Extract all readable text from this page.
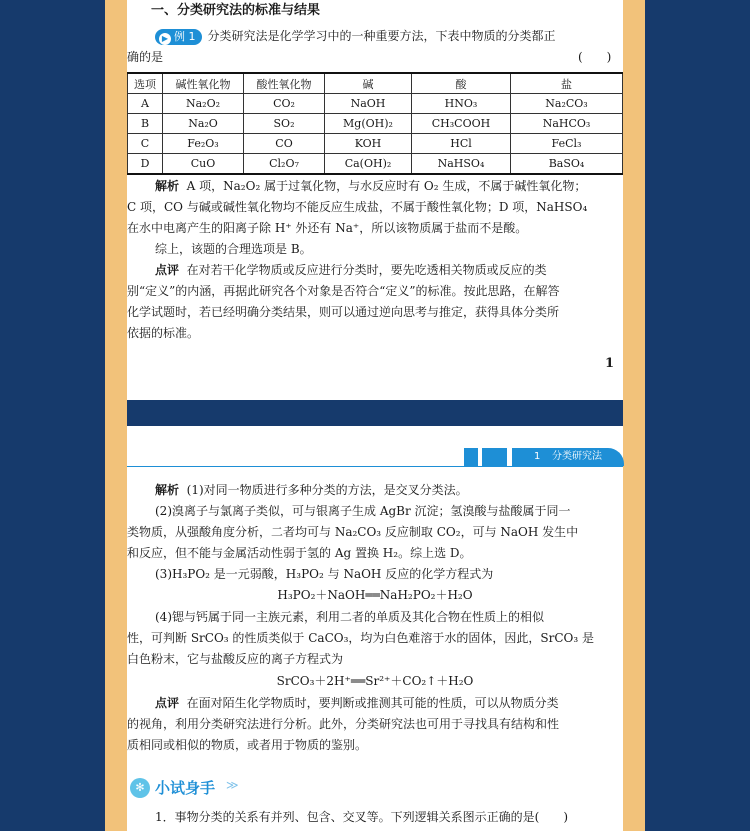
一、分类研究法的标准与结果
▶ 例 1 分类研究法是化学学习中的一种重要方法，下表中物质的分类都正
确的是	(　　)
选项	碱性氧化物	酸性氧化物	碱	酸	盐
A	Na₂O₂	CO₂	NaOH	HNO₃	Na₂CO₃
B	Na₂O	SO₂	Mg(OH)₂	CH₃COOH	NaHCO₃
C	Fe₂O₃	CO	KOH	HCl	FeCl₃
D	CuO	Cl₂O₇	Ca(OH)₂	NaHSO₄	BaSO₄
解析 A 项，Na₂O₂ 属于过氧化物，与水反应时有 O₂ 生成，不属于碱性氧化物；
C 项，CO 与碱或碱性氧化物均不能反应生成盐，不属于酸性氧化物；D 项，NaHSO₄
在水中电离产生的阳离子除 H⁺ 外还有 Na⁺，所以该物质属于盐而不是酸。
综上，该题的合理选项是 B。
点评 在对若干化学物质或反应进行分类时，要先吃透相关物质或反应的类
别“定义”的内涵，再据此研究各个对象是否符合“定义”的标准。按此思路，在解答
化学试题时，若已经明确分类结果，则可以通过逆向思考与推定，获得具体分类所
依据的标准。
1
1 分类研究法
解析 (1)对同一物质进行多种分类的方法，是交叉分类法。
(2)溴离子与氯离子类似，可与银离子生成 AgBr 沉淀；氢溴酸与盐酸属于同一
类物质，从强酸角度分析，二者均可与 Na₂CO₃ 反应制取 CO₂，可与 NaOH 发生中
和反应，但不能与金属活动性弱于氢的 Ag 置换 H₂。综上选 D。
(3)H₃PO₂ 是一元弱酸，H₃PO₂ 与 NaOH 反应的化学方程式为
H₃PO₂＋NaOH══NaH₂PO₂＋H₂O
(4)锶与钙属于同一主族元素，利用二者的单质及其化合物在性质上的相似
性，可判断 SrCO₃ 的性质类似于 CaCO₃，均为白色难溶于水的固体，因此，SrCO₃ 是
白色粉末，它与盐酸反应的离子方程式为
SrCO₃＋2H⁺══Sr²⁺＋CO₂↑＋H₂O
点评 在面对陌生化学物质时，要判断或推测其可能的性质，可以从物质分类
的视角，利用分类研究法进行分析。此外，分类研究法也可用于寻找具有结构和性
质相同或相似的物质，或者用于物质的鉴别。
✻ 小试身手 ≫
1．事物分类的关系有并列、包含、交叉等。下列逻辑关系图示正确的是(　　)
